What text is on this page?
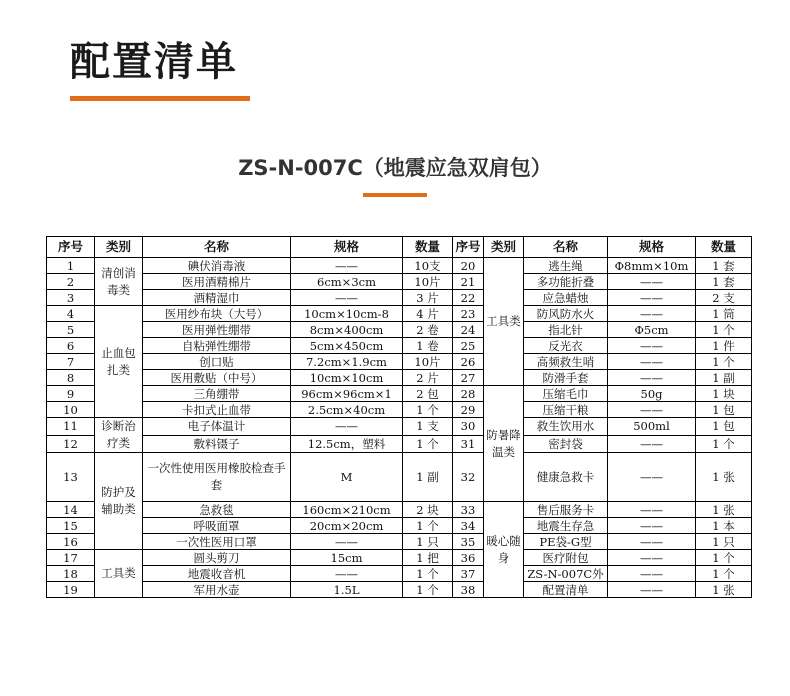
配置清单
ZS-N-007C（地震应急双肩包）
序号	类别	名称	规格	数量	序号	类别	名称	规格	数量
1	清创消毒类	碘伏消毒液	——	10支	20	工具类	逃生绳	Φ8mm×10m	1 套
2		医用酒精棉片	6cm×3cm	10片	21		多功能折叠	——	1 套
3		酒精湿巾	——	3 片	22		应急蜡烛	——	2 支
4	止血包扎类	医用纱布块（大号）	10cm×10cm-8	4 片	23		防风防水火	——	1 筒
5		医用弹性绷带	8cm×400cm	2 卷	24		指北针	Φ5cm	1 个
6		自粘弹性绷带	5cm×450cm	1 卷	25		反光衣	——	1 件
7		创口贴	7.2cm×1.9cm	10片	26		高频救生哨	——	1 个
8		医用敷贴（中号）	10cm×10cm	2 片	27		防滑手套	——	1 副
9		三角绷带	96cm×96cm×1	2 包	28	防暑降温类	压缩毛巾	50g	1 块
10		卡扣式止血带	2.5cm×40cm	1 个	29		压缩干粮	——	1 包
11	诊断治疗类	电子体温计	——	1 支	30		救生饮用水	500ml	1 包
12		敷料镊子	12.5cm，塑料	1 个	31		密封袋	——	1 个
13	防护及辅助类	一次性使用医用橡胶检查手套	M	1 副	32		健康急救卡	——	1 张
14		急救毯	160cm×210cm	2 块	33	暖心随身	售后服务卡	——	1 张
15		呼吸面罩	20cm×20cm	1 个	34		地震生存急	——	1 本
16		一次性医用口罩	——	1 只	35		PE袋-G型	——	1 只
17	工具类	圆头剪刀	15cm	1 把	36		医疗附包	——	1 个
18		地震收音机	——	1 个	37		ZS-N-007C外	——	1 个
19		军用水壶	1.5L	1 个	38		配置清单	——	1 张
